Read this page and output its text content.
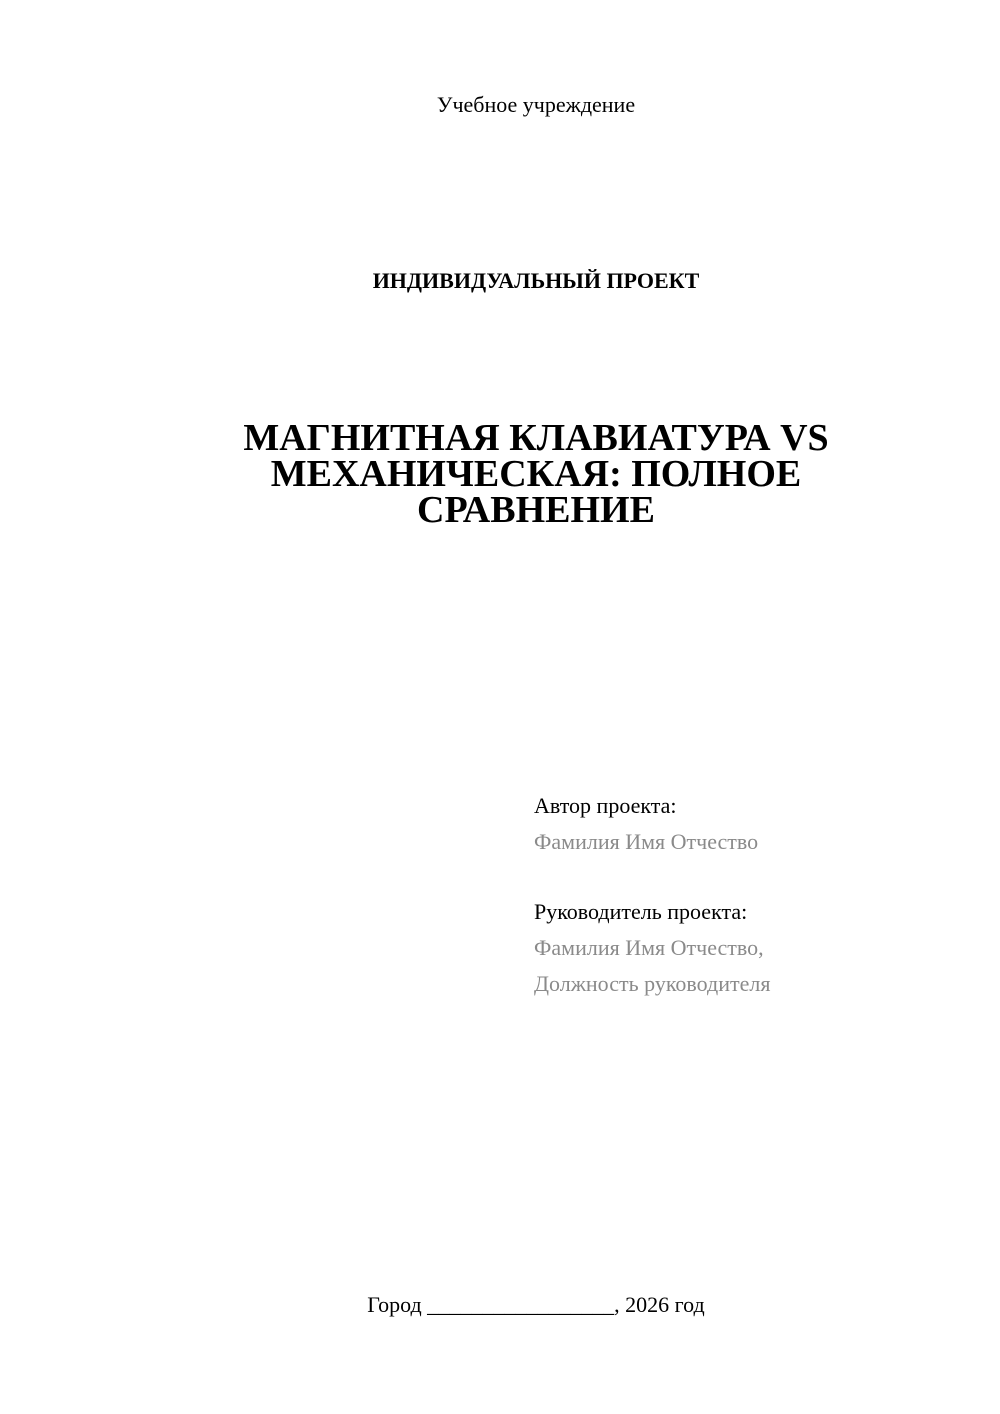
Учебное учреждение
ИНДИВИДУАЛЬНЫЙ ПРОЕКТ
МАГНИТНАЯ КЛАВИАТУРА VS
МЕХАНИЧЕСКАЯ: ПОЛНОЕ
СРАВНЕНИЕ
Автор проекта:
Фамилия Имя Отчество
Руководитель проекта:
Фамилия Имя Отчество,
Должность руководителя
Город _________________, 2026 год
